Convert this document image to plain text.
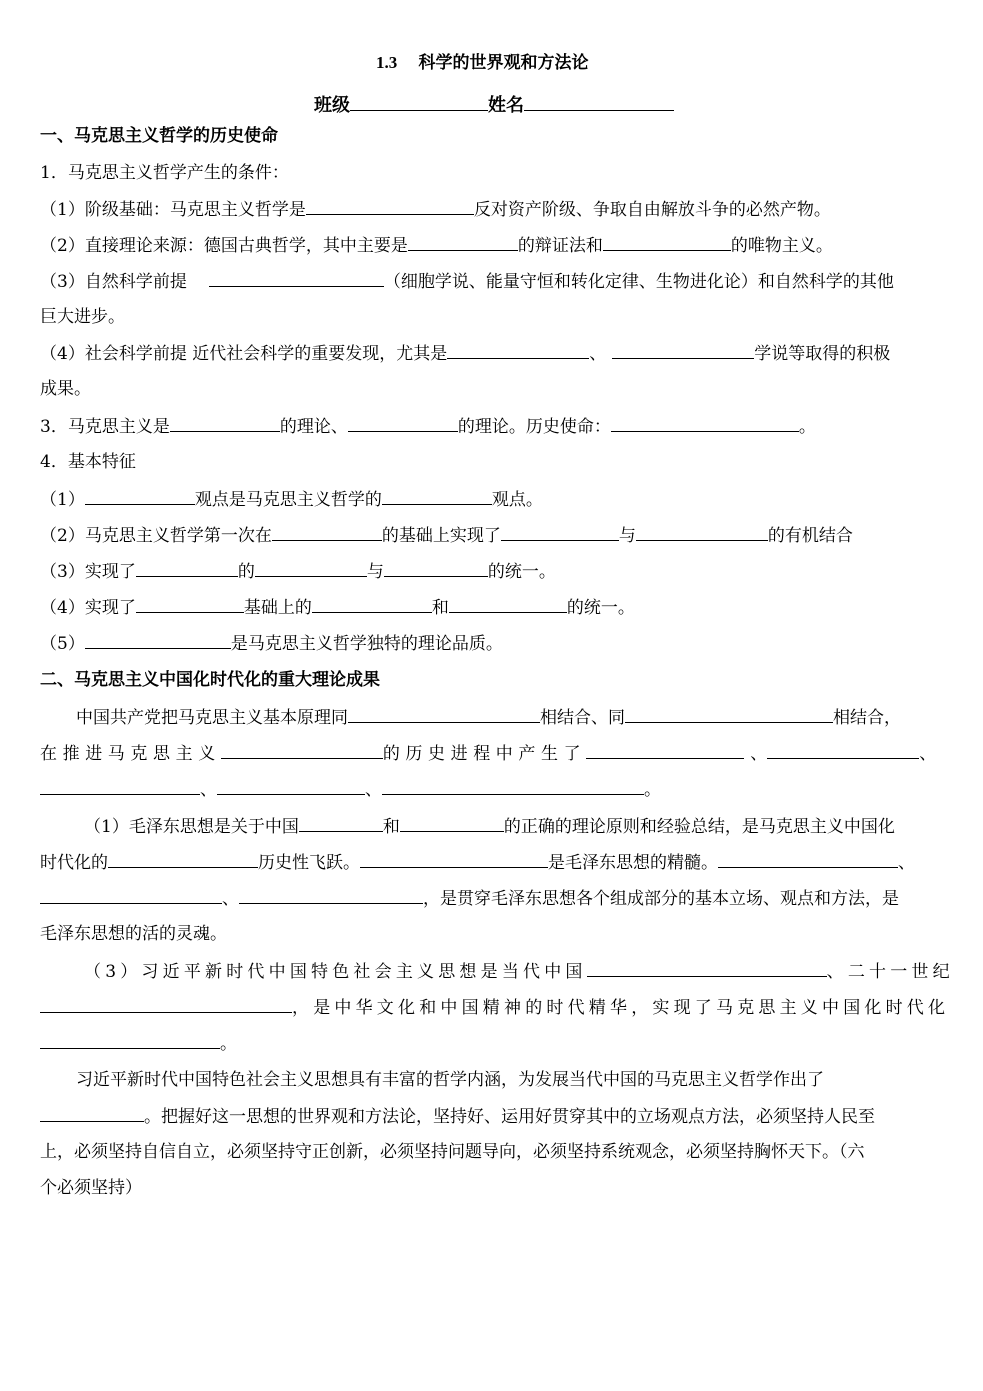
1.3　 科学的世界观和方法论
班级	姓名
一、马克思主义哲学的历史使命
1．马克思主义哲学产生的条件：
（1）阶级基础：马克思主义哲学是	反对资产阶级、争取自由解放斗争的必然产物。
（2）直接理论来源：德国古典哲学，其中主要是	的辩证法和	的唯物主义。
（3）自然科学前提	（细胞学说、能量守恒和转化定律、生物进化论）和自然科学的其他
巨大进步。
（4）社会科学前提 近代社会科学的重要发现，尤其是	、	学说等取得的积极
成果。
3．马克思主义是	的理论、	的理论。历史使命：	。
4．基本特征
（1）	观点是马克思主义哲学的	观点。
（2）马克思主义哲学第一次在	的基础上实现了	与	的有机结合
（3）实现了	的	与	的统一。
（4）实现了	基础上的	和	的统一。
（5）	是马克思主义哲学独特的理论品质。
二、马克思主义中国化时代化的重大理论成果
中国共产党把马克思主义基本原理同	相结合、同	相结合，
在推进马克思主义	的历史进程中产生了	、	、
、	、	。
（1）毛泽东思想是关于中国	和	的正确的理论原则和经验总结，是马克思主义中国化
时代化的	历史性飞跃。	是毛泽东思想的精髓。	、
、	，是贯穿毛泽东思想各个组成部分的基本立场、观点和方法，是
毛泽东思想的活的灵魂。
（3）习近平新时代中国特色社会主义思想是当代中国	、二十一世纪
，是中华文化和中国精神的时代精华，实现了马克思主义中国化时代化
。
习近平新时代中国特色社会主义思想具有丰富的哲学内涵，为发展当代中国的马克思主义哲学作出了
。把握好这一思想的世界观和方法论，坚持好、运用好贯穿其中的立场观点方法，必须坚持人民至
上，必须坚持自信自立，必须坚持守正创新，必须坚持问题导向，必须坚持系统观念，必须坚持胸怀天下。（六
个必须坚持）
